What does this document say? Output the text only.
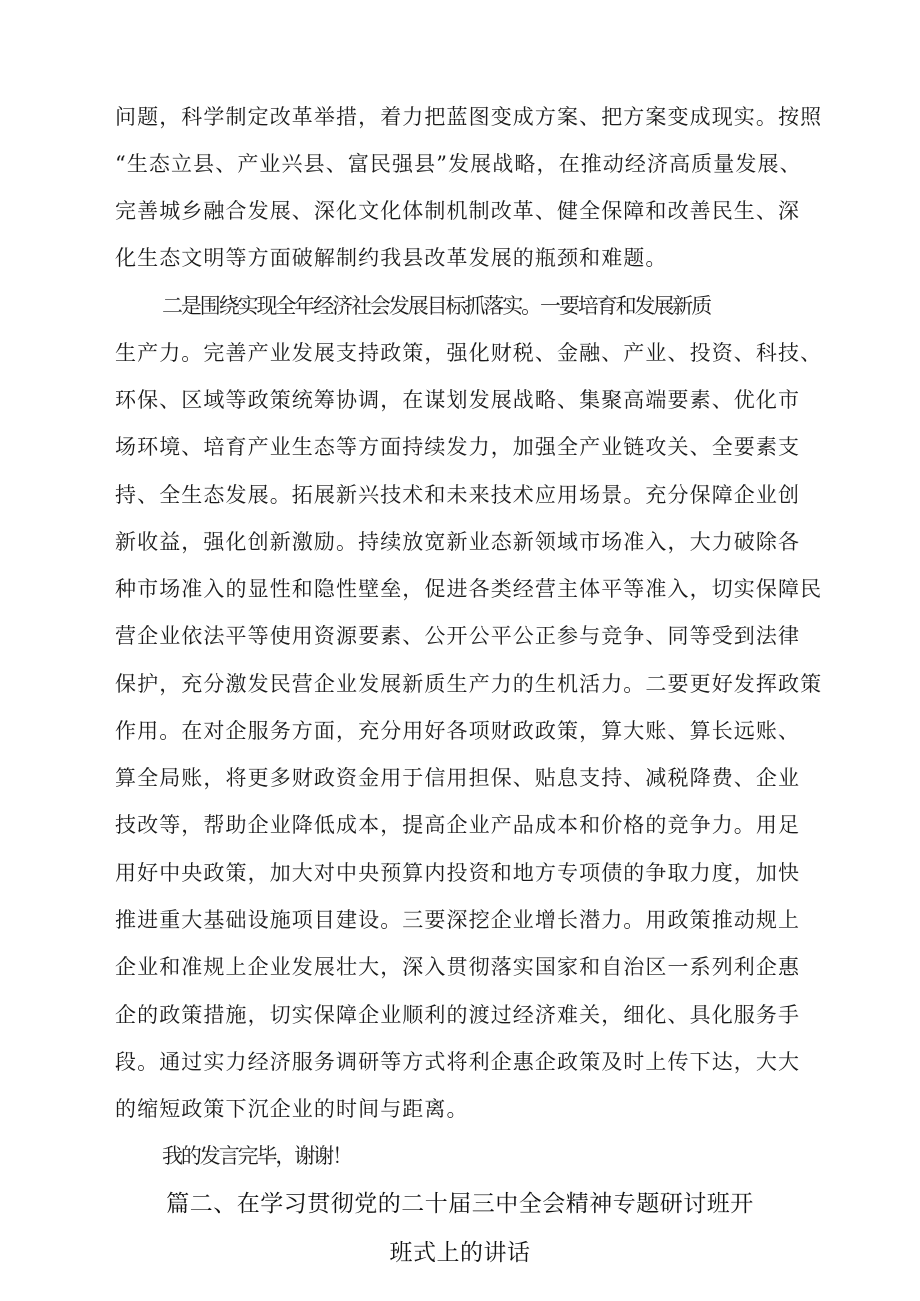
问题，科学制定改革举措，着力把蓝图变成方案、把方案变成现实。按照
“生态立县、产业兴县、富民强县”发展战略，在推动经济高质量发展、
完善城乡融合发展、深化文化体制机制改革、健全保障和改善民生、深
化生态文明等方面破解制约我县改革发展的瓶颈和难题。
二是围绕实现全年经济社会发展目标抓落实。一要培育和发展新质
生产力。完善产业发展支持政策，强化财税、金融、产业、投资、科技、
环保、区域等政策统筹协调，在谋划发展战略、集聚高端要素、优化市
场环境、培育产业生态等方面持续发力，加强全产业链攻关、全要素支
持、全生态发展。拓展新兴技术和未来技术应用场景。充分保障企业创
新收益，强化创新激励。持续放宽新业态新领域市场准入，大力破除各
种市场准入的显性和隐性壁垒，促进各类经营主体平等准入，切实保障民
营企业依法平等使用资源要素、公开公平公正参与竞争、同等受到法律
保护，充分激发民营企业发展新质生产力的生机活力。二要更好发挥政策
作用。在对企服务方面，充分用好各项财政政策，算大账、算长远账、
算全局账，将更多财政资金用于信用担保、贴息支持、减税降费、企业
技改等，帮助企业降低成本，提高企业产品成本和价格的竞争力。用足
用好中央政策，加大对中央预算内投资和地方专项债的争取力度，加快
推进重大基础设施项目建设。三要深挖企业增长潜力。用政策推动规上
企业和准规上企业发展壮大，深入贯彻落实国家和自治区一系列利企惠
企的政策措施，切实保障企业顺利的渡过经济难关，细化、具化服务手
段。通过实力经济服务调研等方式将利企惠企政策及时上传下达，大大
的缩短政策下沉企业的时间与距离。
我的发言完毕，谢谢！
篇二、在学习贯彻党的二十届三中全会精神专题研讨班开
班式上的讲话
